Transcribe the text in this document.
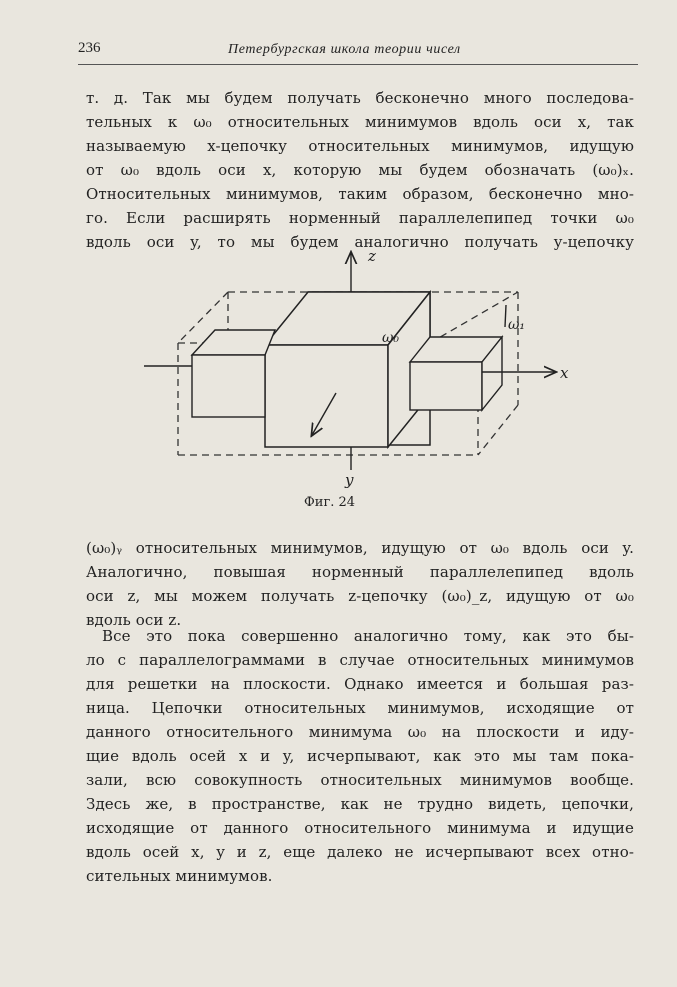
236	Петербургская школа теории чисел
т. д. Так мы будем получать бесконечно много последова-
тельных к ω₀ относительных минимумов вдоль оси x, так
называемую x-цепочку относительных минимумов, идущую
от ω₀ вдоль оси x, которую мы будем обозначать (ω₀)ₓ.
Относительных минимумов, таким образом, бесконечно мно-
го. Если расширять норменный параллелепипед точки ω₀
вдоль оси y, то мы будем аналогично получать y-цепочку
z
x
y
ω₀
ω₁
Фиг. 24
(ω₀)ᵧ относительных минимумов, идущую от ω₀ вдоль оси y.
Аналогично, повышая норменный параллелепипед вдоль
оси z, мы можем получать z-цепочку (ω₀)_z, идущую от ω₀
вдоль оси z.
Все это пока совершенно аналогично тому, как это бы-
ло с параллелограммами в случае относительных минимумов
для решетки на плоскости. Однако имеется и большая раз-
ница. Цепочки относительных минимумов, исходящие от
данного относительного минимума ω₀ на плоскости и иду-
щие вдоль осей x и y, исчерпывают, как это мы там пока-
зали, всю совокупность относительных минимумов вообще.
Здесь же, в пространстве, как не трудно видеть, цепочки,
исходящие от данного относительного минимума и идущие
вдоль осей x, y и z, еще далеко не исчерпывают всех отно-
сительных минимумов.
